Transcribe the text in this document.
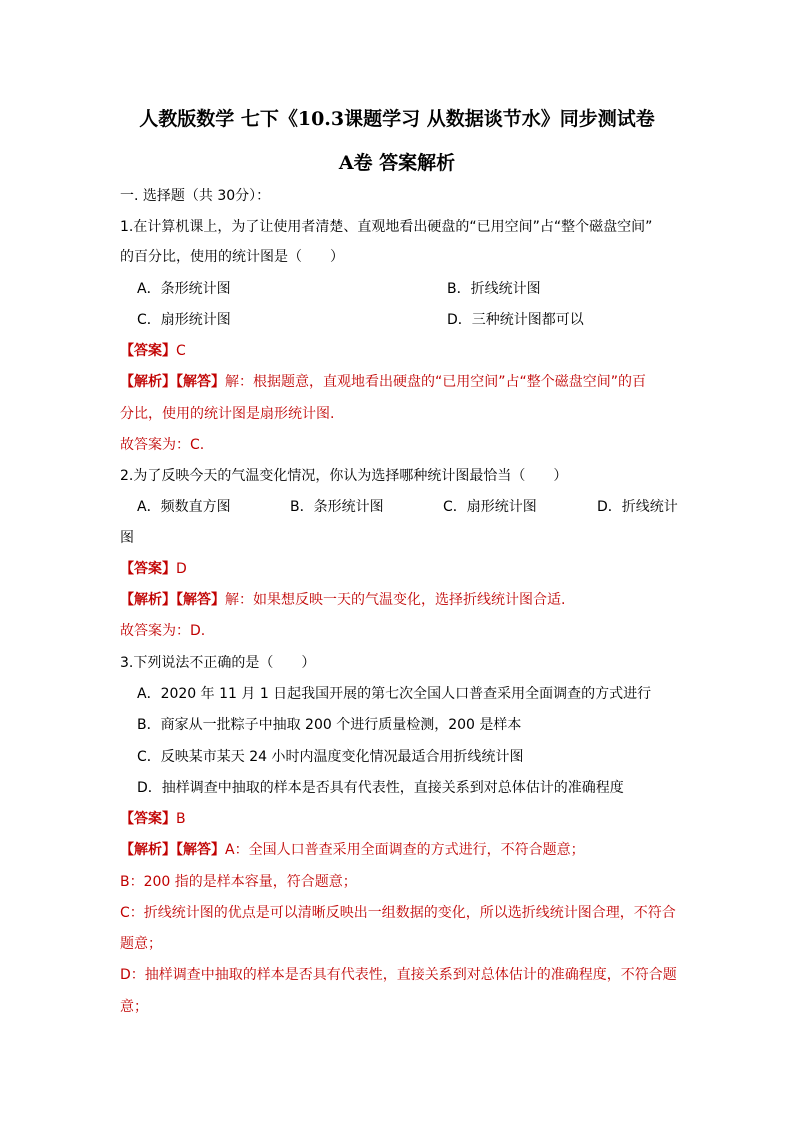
人教版数学 七下《10.3课题学习 从数据谈节水》同步测试卷
A卷 答案解析
一. 选择题（共 30分）：
1.在计算机课上，为了让使用者清楚、直观地看出硬盘的“已用空间”占“整个磁盘空间”
的百分比，使用的统计图是（　　）
A．条形统计图	B．折线统计图
C．扇形统计图	D．三种统计图都可以
【答案】C
【解析】【解答】解：根据题意，直观地看出硬盘的“已用空间”占“整个磁盘空间”的百
分比，使用的统计图是扇形统计图.
故答案为：C.
2.为了反映今天的气温变化情况，你认为选择哪种统计图最恰当（　　）
A．频数直方图	B．条形统计图	C．扇形统计图	D．折线统计
图
【答案】D
【解析】【解答】解：如果想反映一天的气温变化，选择折线统计图合适.
故答案为：D.
3.下列说法不正确的是（　　）
A．2020 年 11 月 1 日起我国开展的第七次全国人口普查采用全面调查的方式进行
B．商家从一批粽子中抽取 200 个进行质量检测，200 是样本
C．反映某市某天 24 小时内温度变化情况最适合用折线统计图
D．抽样调查中抽取的样本是否具有代表性，直接关系到对总体估计的准确程度
【答案】B
【解析】【解答】A：全国人口普查采用全面调查的方式进行，不符合题意；
B：200 指的是样本容量，符合题意；
C：折线统计图的优点是可以清晰反映出一组数据的变化，所以选折线统计图合理，不符合
题意；
D：抽样调查中抽取的样本是否具有代表性，直接关系到对总体估计的准确程度，不符合题
意；
